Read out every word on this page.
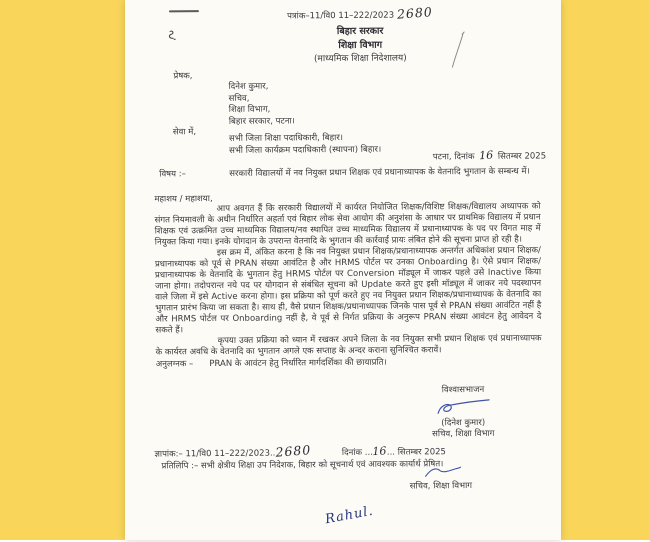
पत्रांक–11/वि0 11–222/2023 2680
बिहार सरकार
शिक्षा विभाग
(माध्यमिक शिक्षा निदेशालय)
प्रेषक,
दिनेश कुमार,
सचिव,
शिक्षा विभाग,
बिहार सरकार, पटना।
सेवा में,
सभी जिला शिक्षा पदाधिकारी, बिहार।
सभी जिला कार्यक्रम पदाधिकारी (स्थापना) बिहार।
पटना, दिनांक 16 सितम्बर 2025
विषय :–	सरकारी विद्यालयों में नव नियुक्त प्रधान शिक्षक एवं प्रधानाध्यापक के वेतनादि भुगतान के सम्बन्ध में।
महाशय / महाशया,

आप अवगत हैं कि सरकारी विद्यालयों में कार्यरत नियोजित शिक्षक/विशिष्ट शिक्षक/विद्यालय अध्यापक को संगत नियमावली के अधीन निर्धारित अहर्ता एवं बिहार लोक सेवा आयोग की अनुशंसा के आधार पर प्राथमिक विद्यालय में प्रधान शिक्षक एवं उत्क्रमित उच्च माध्यमिक विद्यालय/नव स्थापित उच्च माध्यमिक विद्यालय में प्रधानाध्यापक के पद पर विगत माह में नियुक्त किया गया। इनके योगदान के उपरान्त वेतनादि के भुगतान की कार्रवाई प्रायः लंबित होने की सूचना प्राप्त हो रही है।

इस क्रम में, अंकित करना है कि नव नियुक्त प्रधान शिक्षक/प्रधानाध्यापक अन्तर्गत अधिकांश प्रधान शिक्षक/प्रधानाध्यापक को पूर्व से PRAN संख्या आवंटित है और HRMS पोर्टल पर उनका Onboarding है। ऐसे प्रधान शिक्षक/प्रधानाध्यापक के वेतनादि के भुगतान हेतु HRMS पोर्टल पर Conversion मॉड्यूल में जाकर पहले उसे Inactive किया जाना होगा। तदोपरान्त नये पद पर योगदान से संबंधित सूचना को Update करते हुए इसी मॉड्यूल में जाकर नये पदस्थापन वाले जिला में इसे Active करना होगा। इस प्रक्रिया को पूर्ण करते हुए नव नियुक्त प्रधान शिक्षक/प्रधानाध्यापक के वेतनादि का भुगतान प्रारंभ किया जा सकता है। साथ ही, वैसे प्रधान शिक्षक/प्रधानाध्यापक जिनके पास पूर्व से PRAN संख्या आवंटित नहीं है और HRMS पोर्टल पर Onboarding नहीं है, वे पूर्व से निर्गत प्रक्रिया के अनुरूप PRAN संख्या आवंटन हेतु आवेदन दे सकते हैं।

कृपया उक्त प्रक्रिया को ध्यान में रखकर अपने जिला के नव नियुक्त सभी प्रधान शिक्षक एवं प्रधानाध्यापक के कार्यरत अवधि के वेतनादि का भुगतान अगले एक सप्ताह के अन्दर कराना सुनिश्चित करावें।

अनुलग्नक – PRAN के आवंटन हेतु निर्धारित मार्गदर्शिका की छायाप्रति।

विश्वासभाजन
(दिनेश कुमार)
सचिव, शिक्षा विभाग
ज्ञापांक:– 11/वि0 11–222/2023..2680	दिनांक ...16... सितम्बर 2025
प्रतिलिपि :– सभी क्षेत्रीय शिक्षा उप निदेशक, बिहार को सूचनार्थ एवं आवश्यक कार्यार्थ प्रेषित।
सचिव, शिक्षा विभाग
Rahul.
